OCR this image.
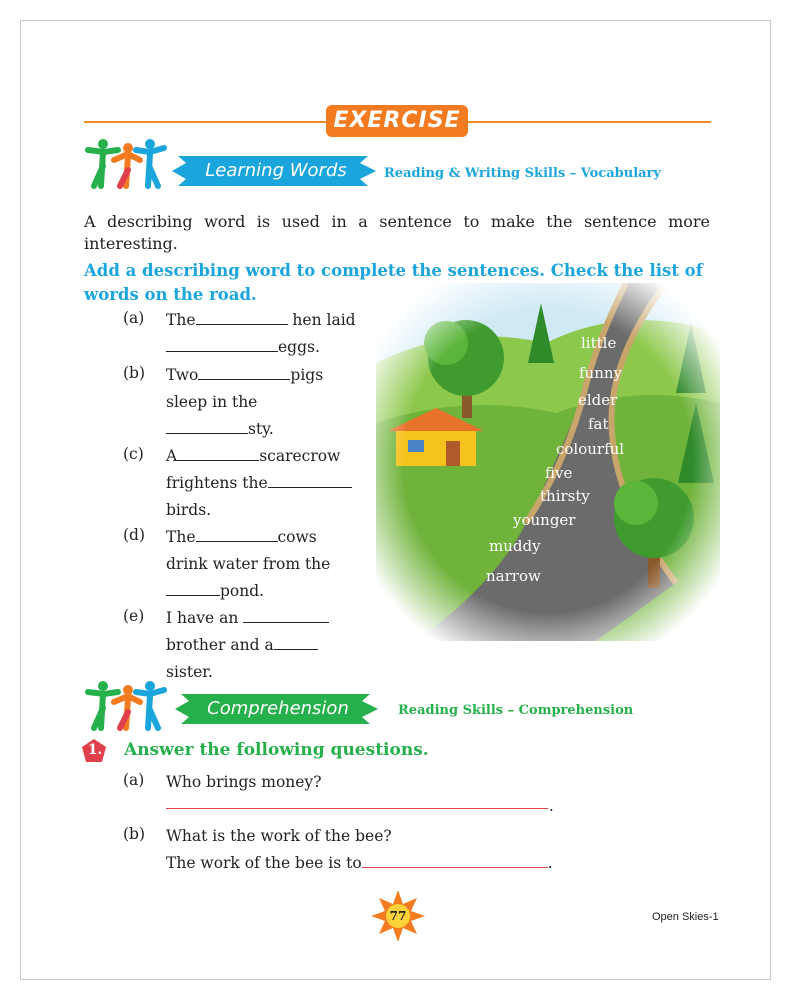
EXERCISE
Learning Words	Reading & Writing Skills – Vocabulary
A describing word is used in a sentence to make the sentence more interesting.
Add a describing word to complete the sentences. Check the list of words on the road.
(a) The	hen laid
eggs.
(b) Two	pigs
sleep in the
sty.
(c) A	scarecrow
frightens the
birds.
(d) The	cows
drink water from the
pond.
(e) I have an
brother and a
sister.
little
funny
elder
fat
colourful
five
thirsty
younger
muddy
narrow
Comprehension	Reading Skills – Comprehension
1. Answer the following questions.
(a) Who brings money?
.
(b) What is the work of the bee?
The work of the bee is to	.
77	Open Skies-1
